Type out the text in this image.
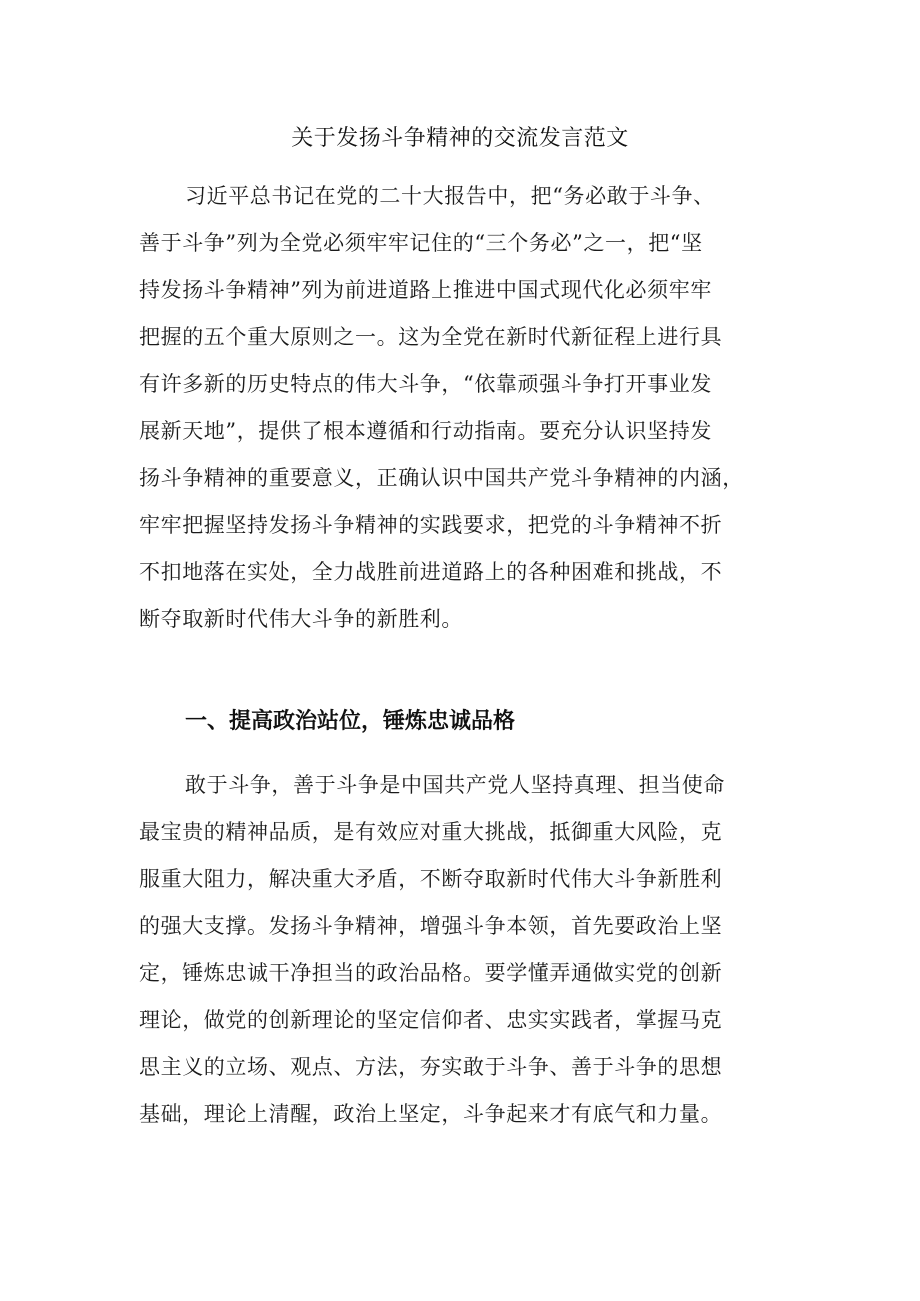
关于发扬斗争精神的交流发言范文
习近平总书记在党的二十大报告中，把“务必敢于斗争、
善于斗争”列为全党必须牢牢记住的“三个务必”之一，把“坚
持发扬斗争精神”列为前进道路上推进中国式现代化必须牢牢
把握的五个重大原则之一。这为全党在新时代新征程上进行具
有许多新的历史特点的伟大斗争，“依靠顽强斗争打开事业发
展新天地”，提供了根本遵循和行动指南。要充分认识坚持发
扬斗争精神的重要意义，正确认识中国共产党斗争精神的内涵，
牢牢把握坚持发扬斗争精神的实践要求，把党的斗争精神不折
不扣地落在实处，全力战胜前进道路上的各种困难和挑战，不
断夺取新时代伟大斗争的新胜利。
一、提高政治站位，锤炼忠诚品格
敢于斗争，善于斗争是中国共产党人坚持真理、担当使命
最宝贵的精神品质，是有效应对重大挑战，抵御重大风险，克
服重大阻力，解决重大矛盾，不断夺取新时代伟大斗争新胜利
的强大支撑。发扬斗争精神，增强斗争本领，首先要政治上坚
定，锤炼忠诚干净担当的政治品格。要学懂弄通做实党的创新
理论，做党的创新理论的坚定信仰者、忠实实践者，掌握马克
思主义的立场、观点、方法，夯实敢于斗争、善于斗争的思想
基础，理论上清醒，政治上坚定，斗争起来才有底气和力量。
